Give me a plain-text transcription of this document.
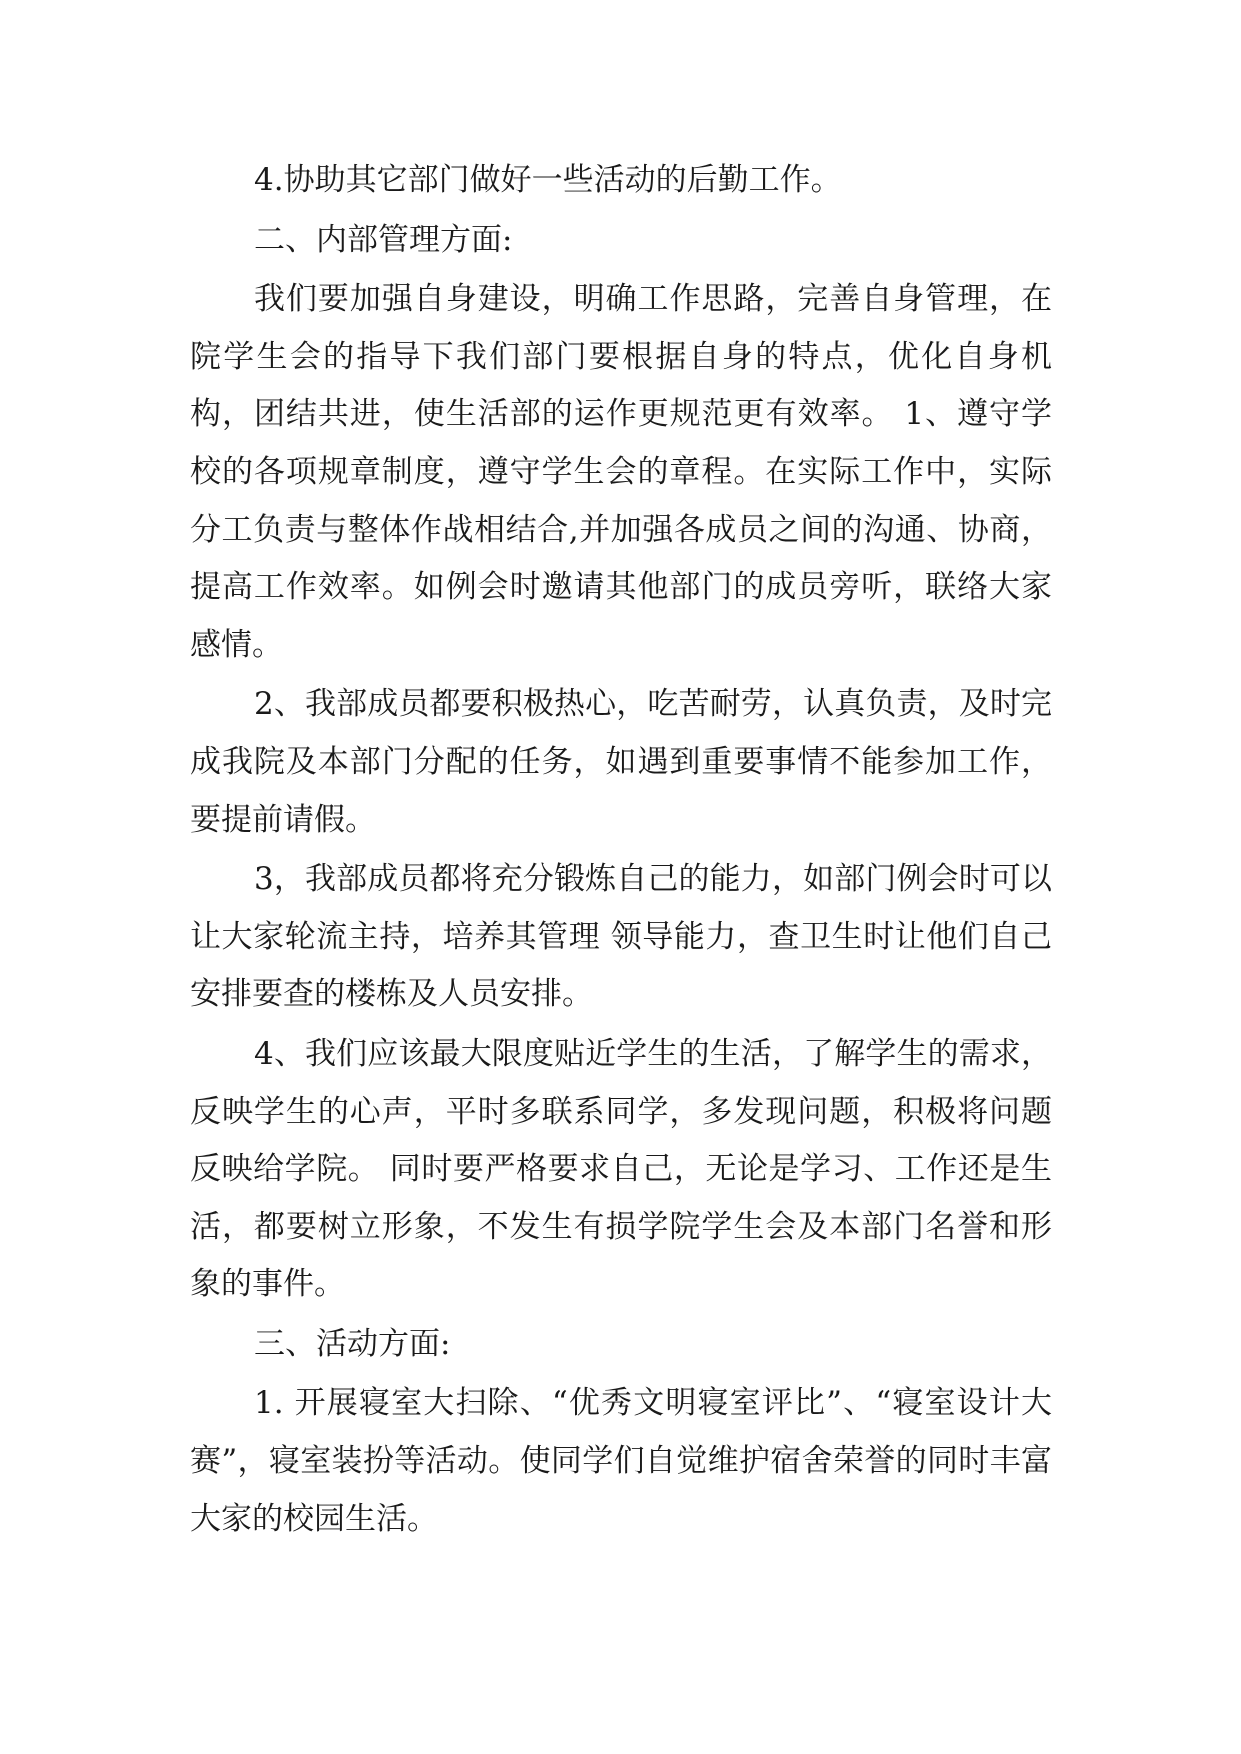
4.协助其它部门做好一些活动的后勤工作。

二、内部管理方面:

我们要加强自身建设，明确工作思路，完善自身管理，在院学生会的指导下我们部门要根据自身的特点，优化自身机构，团结共进，使生活部的运作更规范更有效率。 1、遵守学校的各项规章制度，遵守学生会的章程。在实际工作中，实际分工负责与整体作战相结合,并加强各成员之间的沟通、协商，提高工作效率。如例会时邀请其他部门的成员旁听，联络大家感情。

2、我部成员都要积极热心，吃苦耐劳，认真负责，及时完成我院及本部门分配的任务，如遇到重要事情不能参加工作，要提前请假。

3，我部成员都将充分锻炼自己的能力，如部门例会时可以让大家轮流主持，培养其管理 领导能力，查卫生时让他们自己安排要查的楼栋及人员安排。

4、我们应该最大限度贴近学生的生活，了解学生的需求，反映学生的心声，平时多联系同学，多发现问题，积极将问题反映给学院。 同时要严格要求自己，无论是学习、工作还是生活，都要树立形象，不发生有损学院学生会及本部门名誉和形象的事件。

三、活动方面:

1. 开展寝室大扫除、“优秀文明寝室评比”、“寝室设计大赛”，寝室装扮等活动。使同学们自觉维护宿舍荣誉的同时丰富大家的校园生活。
